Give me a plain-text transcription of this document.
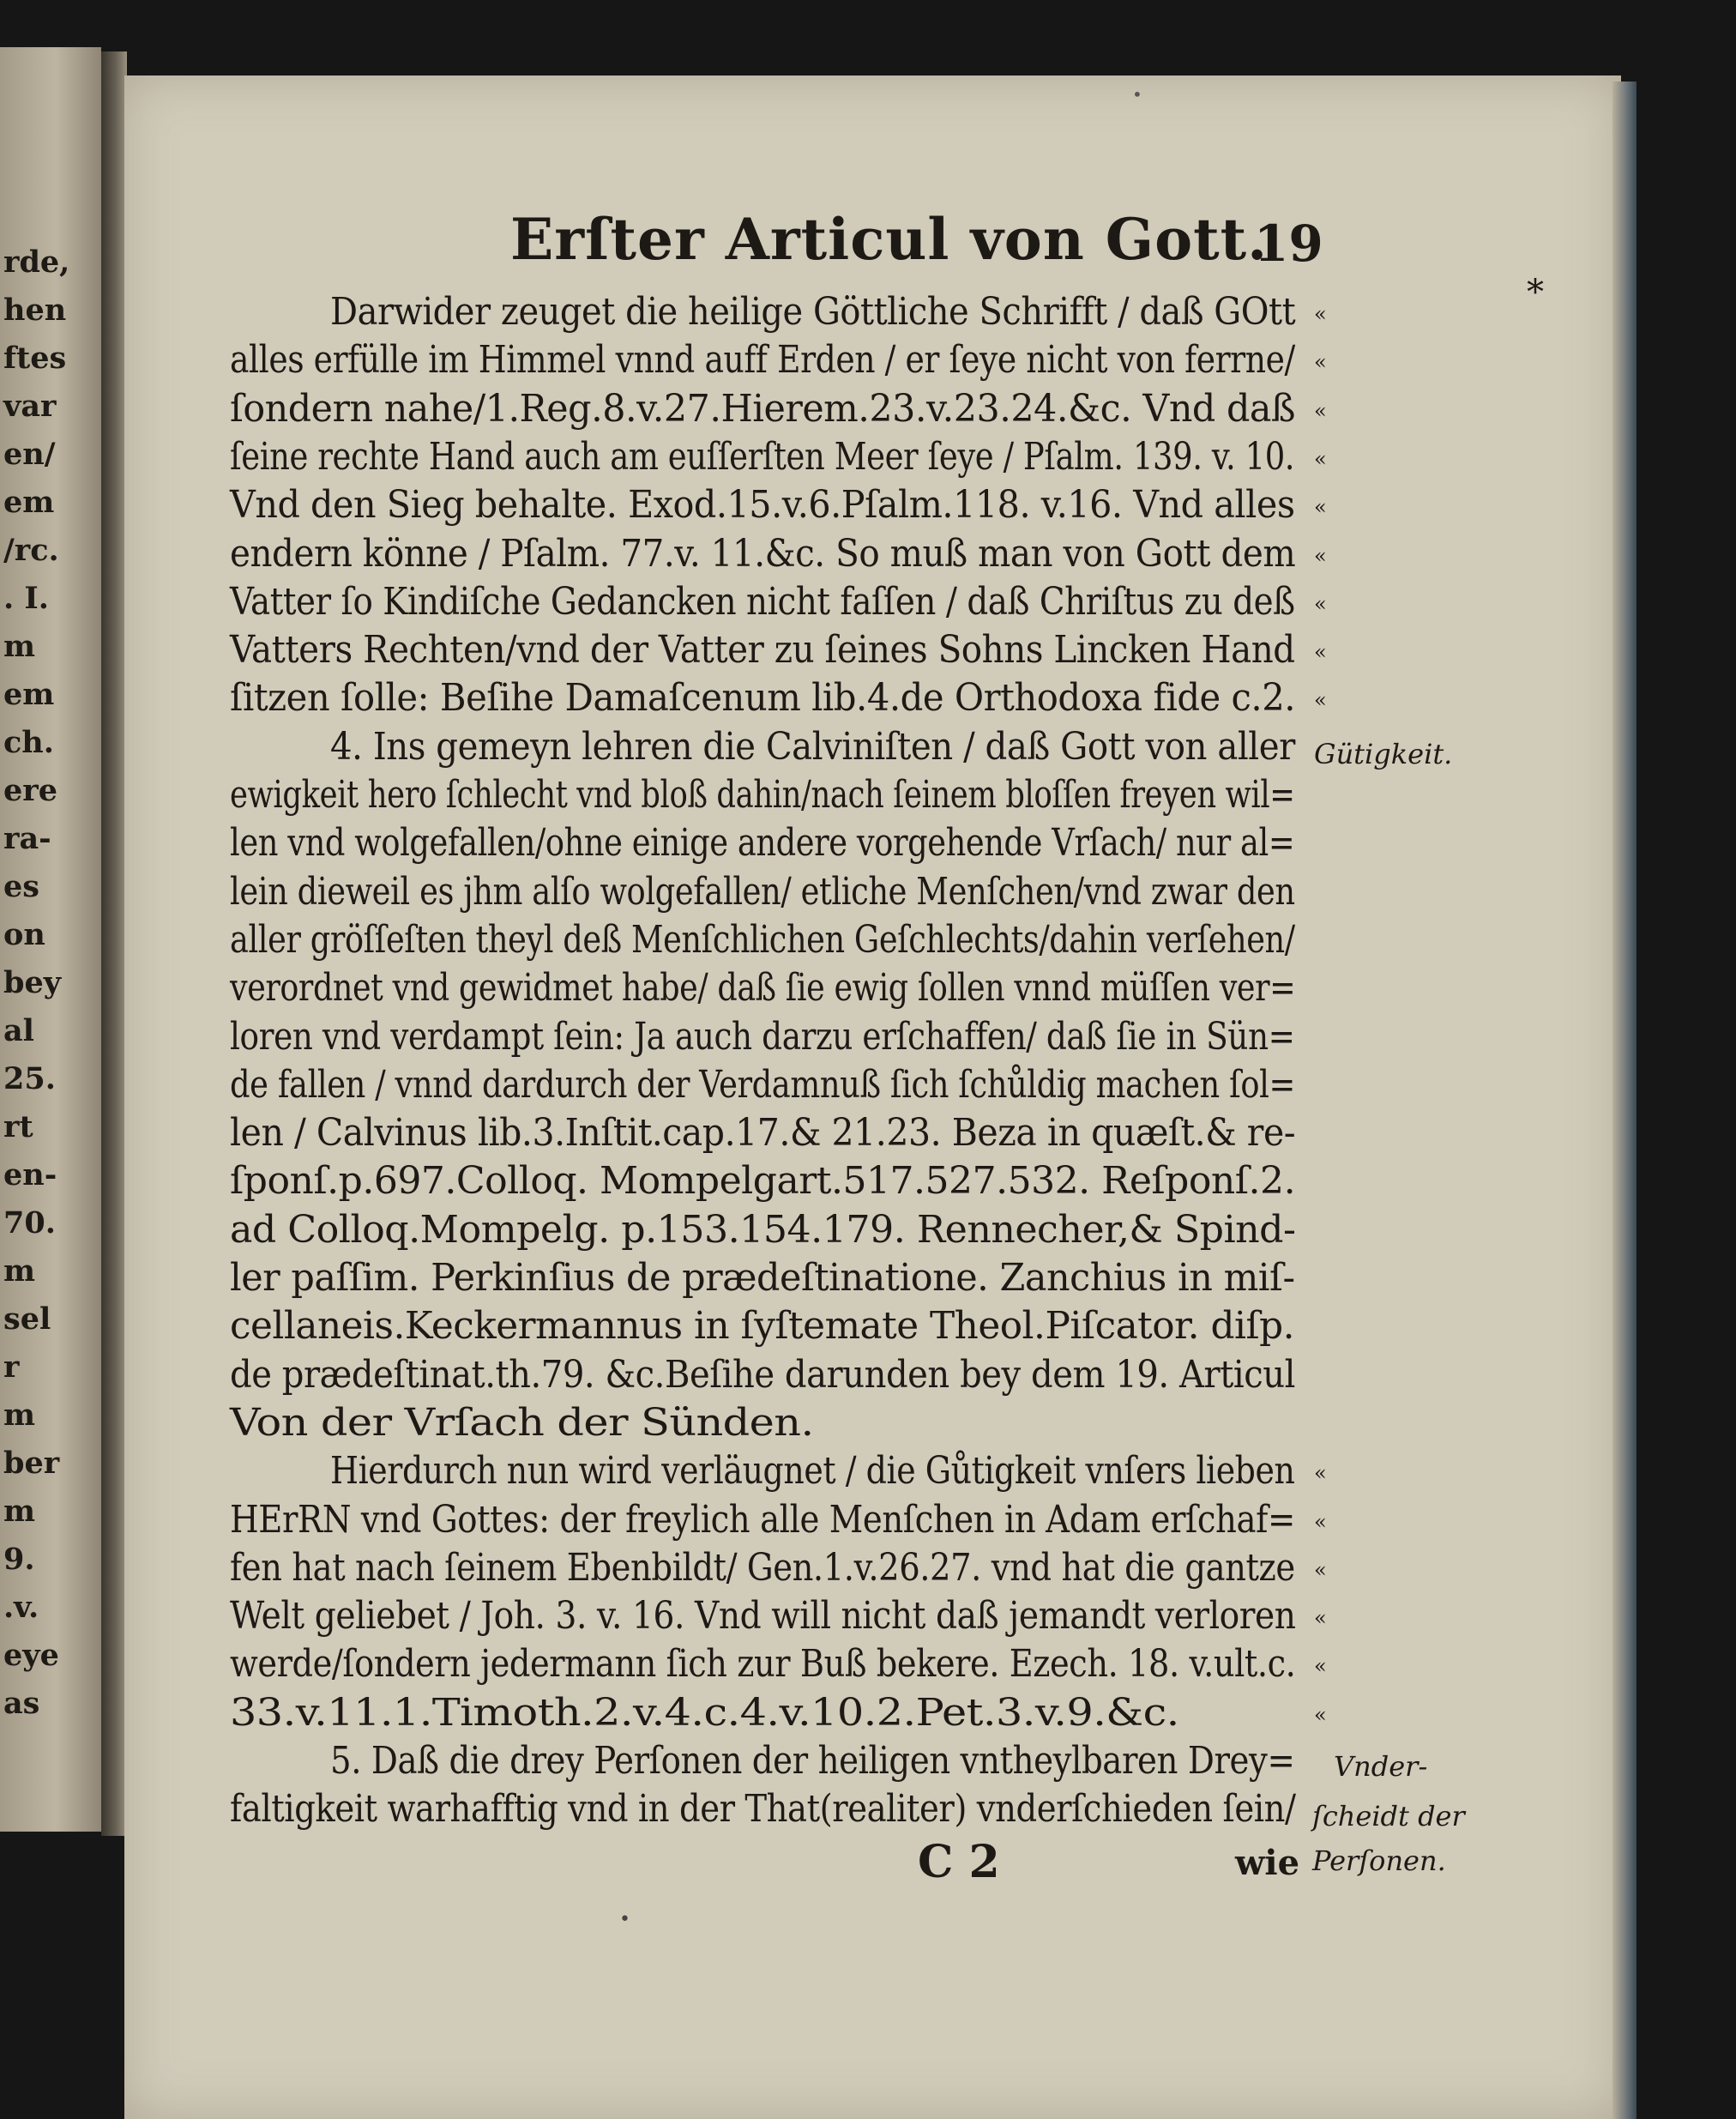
rde,
hen
ftes
var
en/
em
/rc.
. I.
m
em
ch.
ere
ra-
es
on
bey
al
25.
rt
en-
70.
m
sel
r
m
ber
m
9.
.v.
eye
as
Erſter Articul von Gott.
19
*
•
Darwider zeuget die heilige Göttliche Schrifft / daß GOtt «
alles erfülle im Himmel vnnd auff Erden / er ſeye nicht von ferrne/ «
ſondern nahe/1.Reg.8.v.27.Hierem.23.v.23.24.&c. Vnd daß «
ſeine rechte Hand auch am euſſerſten Meer ſeye / Pſalm. 139. v. 10. «
Vnd den Sieg behalte. Exod.15.v.6.Pſalm.118. v.16. Vnd alles «
endern könne / Pſalm. 77.v. 11.&c. So muß man von Gott dem «
Vatter ſo Kindiſche Gedancken nicht faſſen / daß Chriſtus zu deß «
Vatters Rechten/vnd der Vatter zu ſeines Sohns Lincken Hand «
ſitzen ſolle: Beſihe Damaſcenum lib.4.de Orthodoxa fide c.2. «
4. Ins gemeyn lehren die Calviniſten / daß Gott von aller
ewigkeit hero ſchlecht vnd bloß dahin/nach ſeinem bloſſen freyen wil=
len vnd wolgefallen/ohne einige andere vorgehende Vrſach/ nur al=
lein dieweil es jhm alſo wolgefallen/ etliche Menſchen/vnd zwar den
aller gröſſeſten theyl deß Menſchlichen Geſchlechts/dahin verſehen/
verordnet vnd gewidmet habe/ daß ſie ewig ſollen vnnd müſſen ver=
loren vnd verdampt ſein: Ja auch darzu erſchaffen/ daß ſie in Sün=
de fallen / vnnd dardurch der Verdamnuß ſich ſchůldig machen ſol=
len / Calvinus lib.3.Inſtit.cap.17.& 21.23. Beza in quæſt.& re-
ſponſ.p.697.Colloq. Mompelgart.517.527.532. Reſponſ.2.
ad Colloq.Mompelg. p.153.154.179. Rennecher,& Spind-
ler paſſim. Perkinſius de prædeſtinatione. Zanchius in miſ-
cellaneis.Keckermannus in ſyſtemate Theol.Piſcator. diſp.
de prædeſtinat.th.79. &c.Beſihe darunden bey dem 19. Articul
Von der Vrſach der Sünden.
Hierdurch nun wird verläugnet / die Gůtigkeit vnſers lieben «
HErRN vnd Gottes: der freylich alle Menſchen in Adam erſchaf= «
fen hat nach ſeinem Ebenbildt/ Gen.1.v.26.27. vnd hat die gantze «
Welt geliebet / Joh. 3. v. 16. Vnd will nicht daß jemandt verloren «
werde/ſondern jedermann ſich zur Buß bekere. Ezech. 18. v.ult.c. «
33.v.11.1.Timoth.2.v.4.c.4.v.10.2.Pet.3.v.9.&c.	«
5. Daß die drey Perſonen der heiligen vntheylbaren Drey=
faltigkeit warhafftig vnd in der That(realiter) vnderſchieden ſein/
Gütigkeit.
Vnder-
ſcheidt der
Perſonen.
C 2	wie
•
